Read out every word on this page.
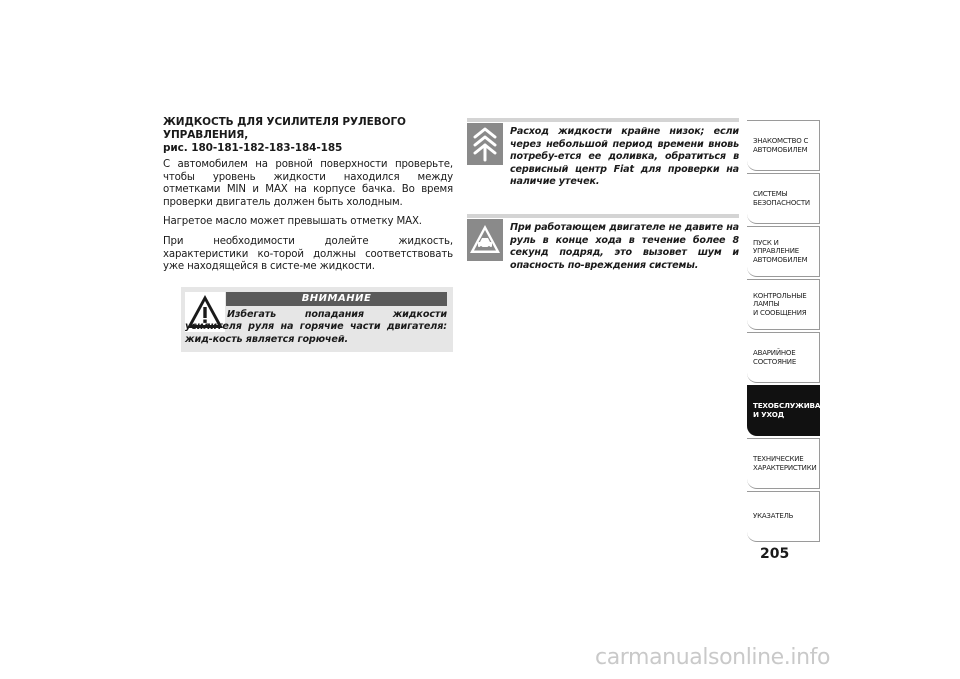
ЖИДКОСТЬ ДЛЯ УСИЛИТЕЛЯ РУЛЕВОГО УПРАВЛЕНИЯ,
рис. 180-181-182-183-184-185

С автомобилем на ровной поверхности проверьте, чтобы уровень жидкости находился между отметками MIN и MAX на корпусе бачка. Во время проверки двигатель должен быть холодным.

Нагретое масло может превышать отметку MAX.

При необходимости долейте жидкость, характеристики ко-торой должны соответствовать уже находящейся в систе-ме жидкости.

ВНИМАНИЕ
Избегать попадания жидкости усилителя руля на горячие части двигателя: жид-кость является горючей.
Расход жидкости крайне низок; если через небольшой период времени вновь потребу-ется ее доливка, обратиться в сервисный центр Fiat для проверки на наличие утечек.
При работающем двигателе не давите на руль в конце хода в течение более 8 секунд подряд, это вызовет шум и опасность по-вреждения системы.
ЗНАКОМСТВО С
АВТОМОБИЛЕМ
СИСТЕМЫ
БЕЗОПАСНОСТИ
ПУСК И УПРАВЛЕНИЕ
АВТОМОБИЛЕМ
КОНТРОЛЬНЫЕ
ЛАМПЫ
И СООБЩЕНИЯ
АВАРИЙНОЕ
СОСТОЯНИЕ
ТЕХОБСЛУЖИВАНИЕ
И УХОД
ТЕХНИЧЕСКИЕ
ХАРАКТЕРИСТИКИ
УКАЗАТЕЛЬ
205
carmanualsonline.info
